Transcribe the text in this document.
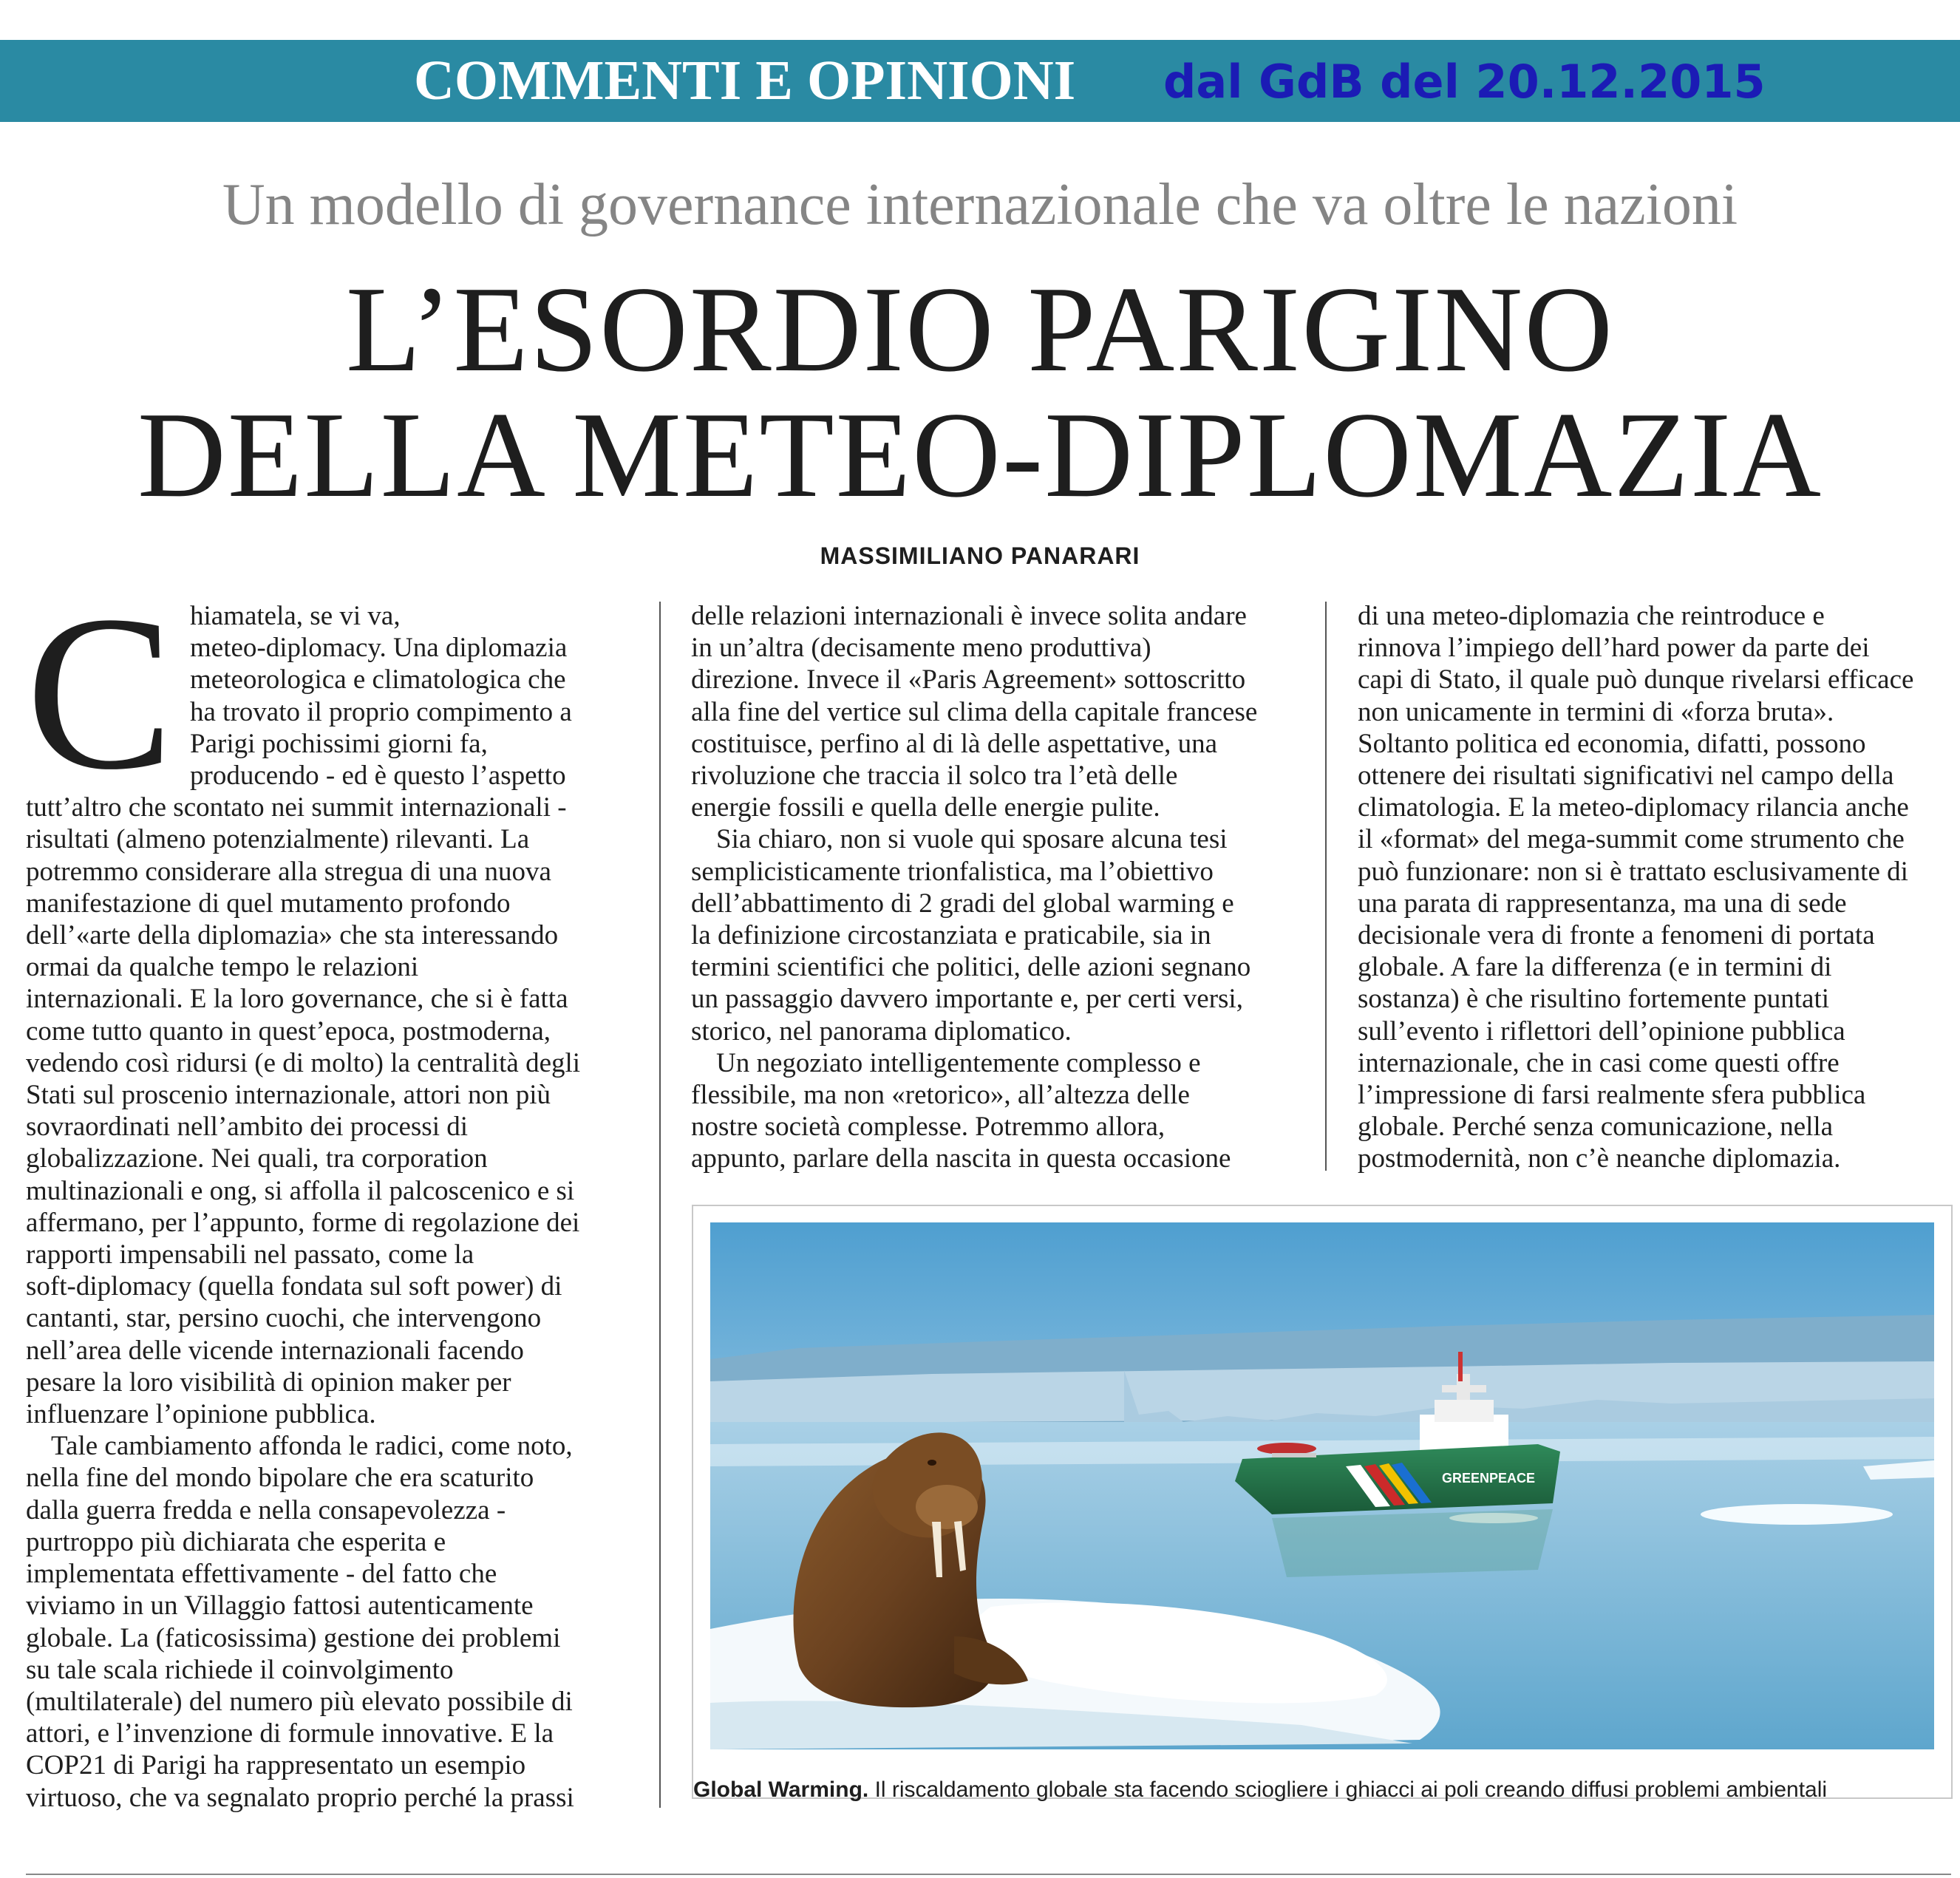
COMMENTI E OPINIONI dal GdB del 20.12.2015
Un modello di governance internazionale che va oltre le nazioni
L’ESORDIO PARIGINO
DELLA METEO-DIPLOMAZIA
MASSIMILIANO PANARARI
C hiamatela, se vi va,
meteo-diplomacy. Una diplomazia
meteorologica e climatologica che
ha trovato il proprio compimento a
Parigi pochissimi giorni fa,
producendo - ed è questo l’aspetto

tutt’altro che scontato nei summit internazionali -
risultati (almeno potenzialmente) rilevanti. La
potremmo considerare alla stregua di una nuova
manifestazione di quel mutamento profondo
dell’«arte della diplomazia» che sta interessando
ormai da qualche tempo le relazioni
internazionali. E la loro governance, che si è fatta
come tutto quanto in quest’epoca, postmoderna,
vedendo così ridursi (e di molto) la centralità degli
Stati sul proscenio internazionale, attori non più
sovraordinati nell’ambito dei processi di
globalizzazione. Nei quali, tra corporation
multinazionali e ong, si affolla il palcoscenico e si
affermano, per l’appunto, forme di regolazione dei
rapporti impensabili nel passato, come la
soft-diplomacy (quella fondata sul soft power) di
cantanti, star, persino cuochi, che intervengono
nell’area delle vicende internazionali facendo
pesare la loro visibilità di opinion maker per
influenzare l’opinione pubblica.

Tale cambiamento affonda le radici, come noto,
nella fine del mondo bipolare che era scaturito
dalla guerra fredda e nella consapevolezza -
purtroppo più dichiarata che esperita e
implementata effettivamente - del fatto che
viviamo in un Villaggio fattosi autenticamente
globale. La (faticosissima) gestione dei problemi
su tale scala richiede il coinvolgimento
(multilaterale) del numero più elevato possibile di
attori, e l’invenzione di formule innovative. E la
COP21 di Parigi ha rappresentato un esempio
virtuoso, che va segnalato proprio perché la prassi

delle relazioni internazionali è invece solita andare
in un’altra (decisamente meno produttiva)
direzione. Invece il «Paris Agreement» sottoscritto
alla fine del vertice sul clima della capitale francese
costituisce, perfino al di là delle aspettative, una
rivoluzione che traccia il solco tra l’età delle
energie fossili e quella delle energie pulite.

Sia chiaro, non si vuole qui sposare alcuna tesi
semplicisticamente trionfalistica, ma l’obiettivo
dell’abbattimento di 2 gradi del global warming e
la definizione circostanziata e praticabile, sia in
termini scientifici che politici, delle azioni segnano
un passaggio davvero importante e, per certi versi,
storico, nel panorama diplomatico.

Un negoziato intelligentemente complesso e
flessibile, ma non «retorico», all’altezza delle
nostre società complesse. Potremmo allora,
appunto, parlare della nascita in questa occasione

di una meteo-diplomazia che reintroduce e
rinnova l’impiego dell’hard power da parte dei
capi di Stato, il quale può dunque rivelarsi efficace
non unicamente in termini di «forza bruta».
Soltanto politica ed economia, difatti, possono
ottenere dei risultati significativi nel campo della
climatologia. E la meteo-diplomacy rilancia anche
il «format» del mega-summit come strumento che
può funzionare: non si è trattato esclusivamente di
una parata di rappresentanza, ma una di sede
decisionale vera di fronte a fenomeni di portata
globale. A fare la differenza (e in termini di
sostanza) è che risultino fortemente puntati
sull’evento i riflettori dell’opinione pubblica
internazionale, che in casi come questi offre
l’impressione di farsi realmente sfera pubblica
globale. Perché senza comunicazione, nella
postmodernità, non c’è neanche diplomazia.

GREENPEACE
Global Warming. Il riscaldamento globale sta facendo sciogliere i ghiacci ai poli creando diffusi problemi ambientali
